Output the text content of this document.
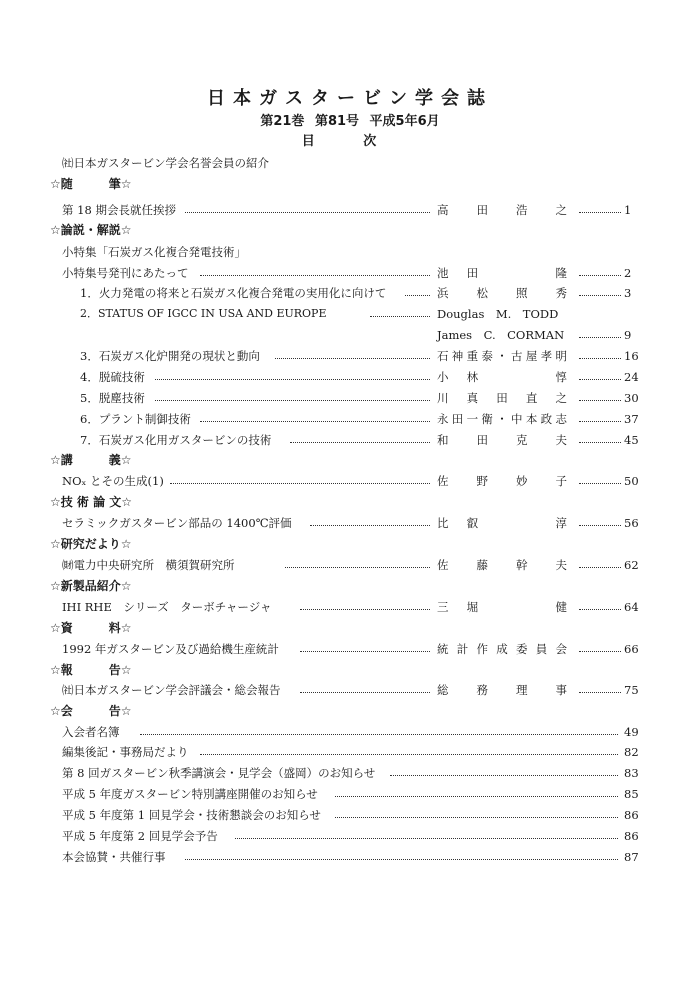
日本ガスタービン学会誌
第21巻 第81号 平成5年6月
目 次
㈳日本ガスタービン学会名誉会員の紹介
☆随　　　筆☆
第 18 期会長就任挨拶	高田浩之	1
☆論説・解説☆
小特集「石炭ガス化複合発電技術」
小特集号発刊にあたって	池田　　隆	2
1．火力発電の将来と石炭ガス化複合発電の実用化に向けて	浜松照秀	3
2．STATUS OF IGCC IN USA AND EUROPE	Douglas　M.　TODD
James　C.　CORMAN	9
3．石炭ガス化炉開発の現状と動向	石神重泰・古屋孝明	16
4．脱硫技術	小林　　惇	24
5．脱塵技術	川真田直之	30
6．プラント制御技術	永田一衛・中本政志	37
7．石炭ガス化用ガスタービンの技術	和田克夫	45
☆講　　　義☆
NOₓ とその生成(1)	佐野妙子	50
☆技 術 論 文☆
セラミックガスタービン部品の 1400℃評価	比叡　　淳	56
☆研究だより☆
㈶電力中央研究所　横須賀研究所	佐藤幹夫	62
☆新製品紹介☆
IHI RHE　シリーズ　ターボチャージャ	三堀　　健	64
☆資　　　料☆
1992 年ガスタービン及び過給機生産統計	統計作成委員会	66
☆報　　　告☆
㈳日本ガスタービン学会評議会・総会報告	総務理事	75
☆会　　　告☆
入会者名簿	49
編集後記・事務局だより	82
第 8 回ガスタービン秋季講演会・見学会（盛岡）のお知らせ	83
平成 5 年度ガスタービン特別講座開催のお知らせ	85
平成 5 年度第 1 回見学会・技術懇談会のお知らせ	86
平成 5 年度第 2 回見学会予告	86
本会協賛・共催行事	87
